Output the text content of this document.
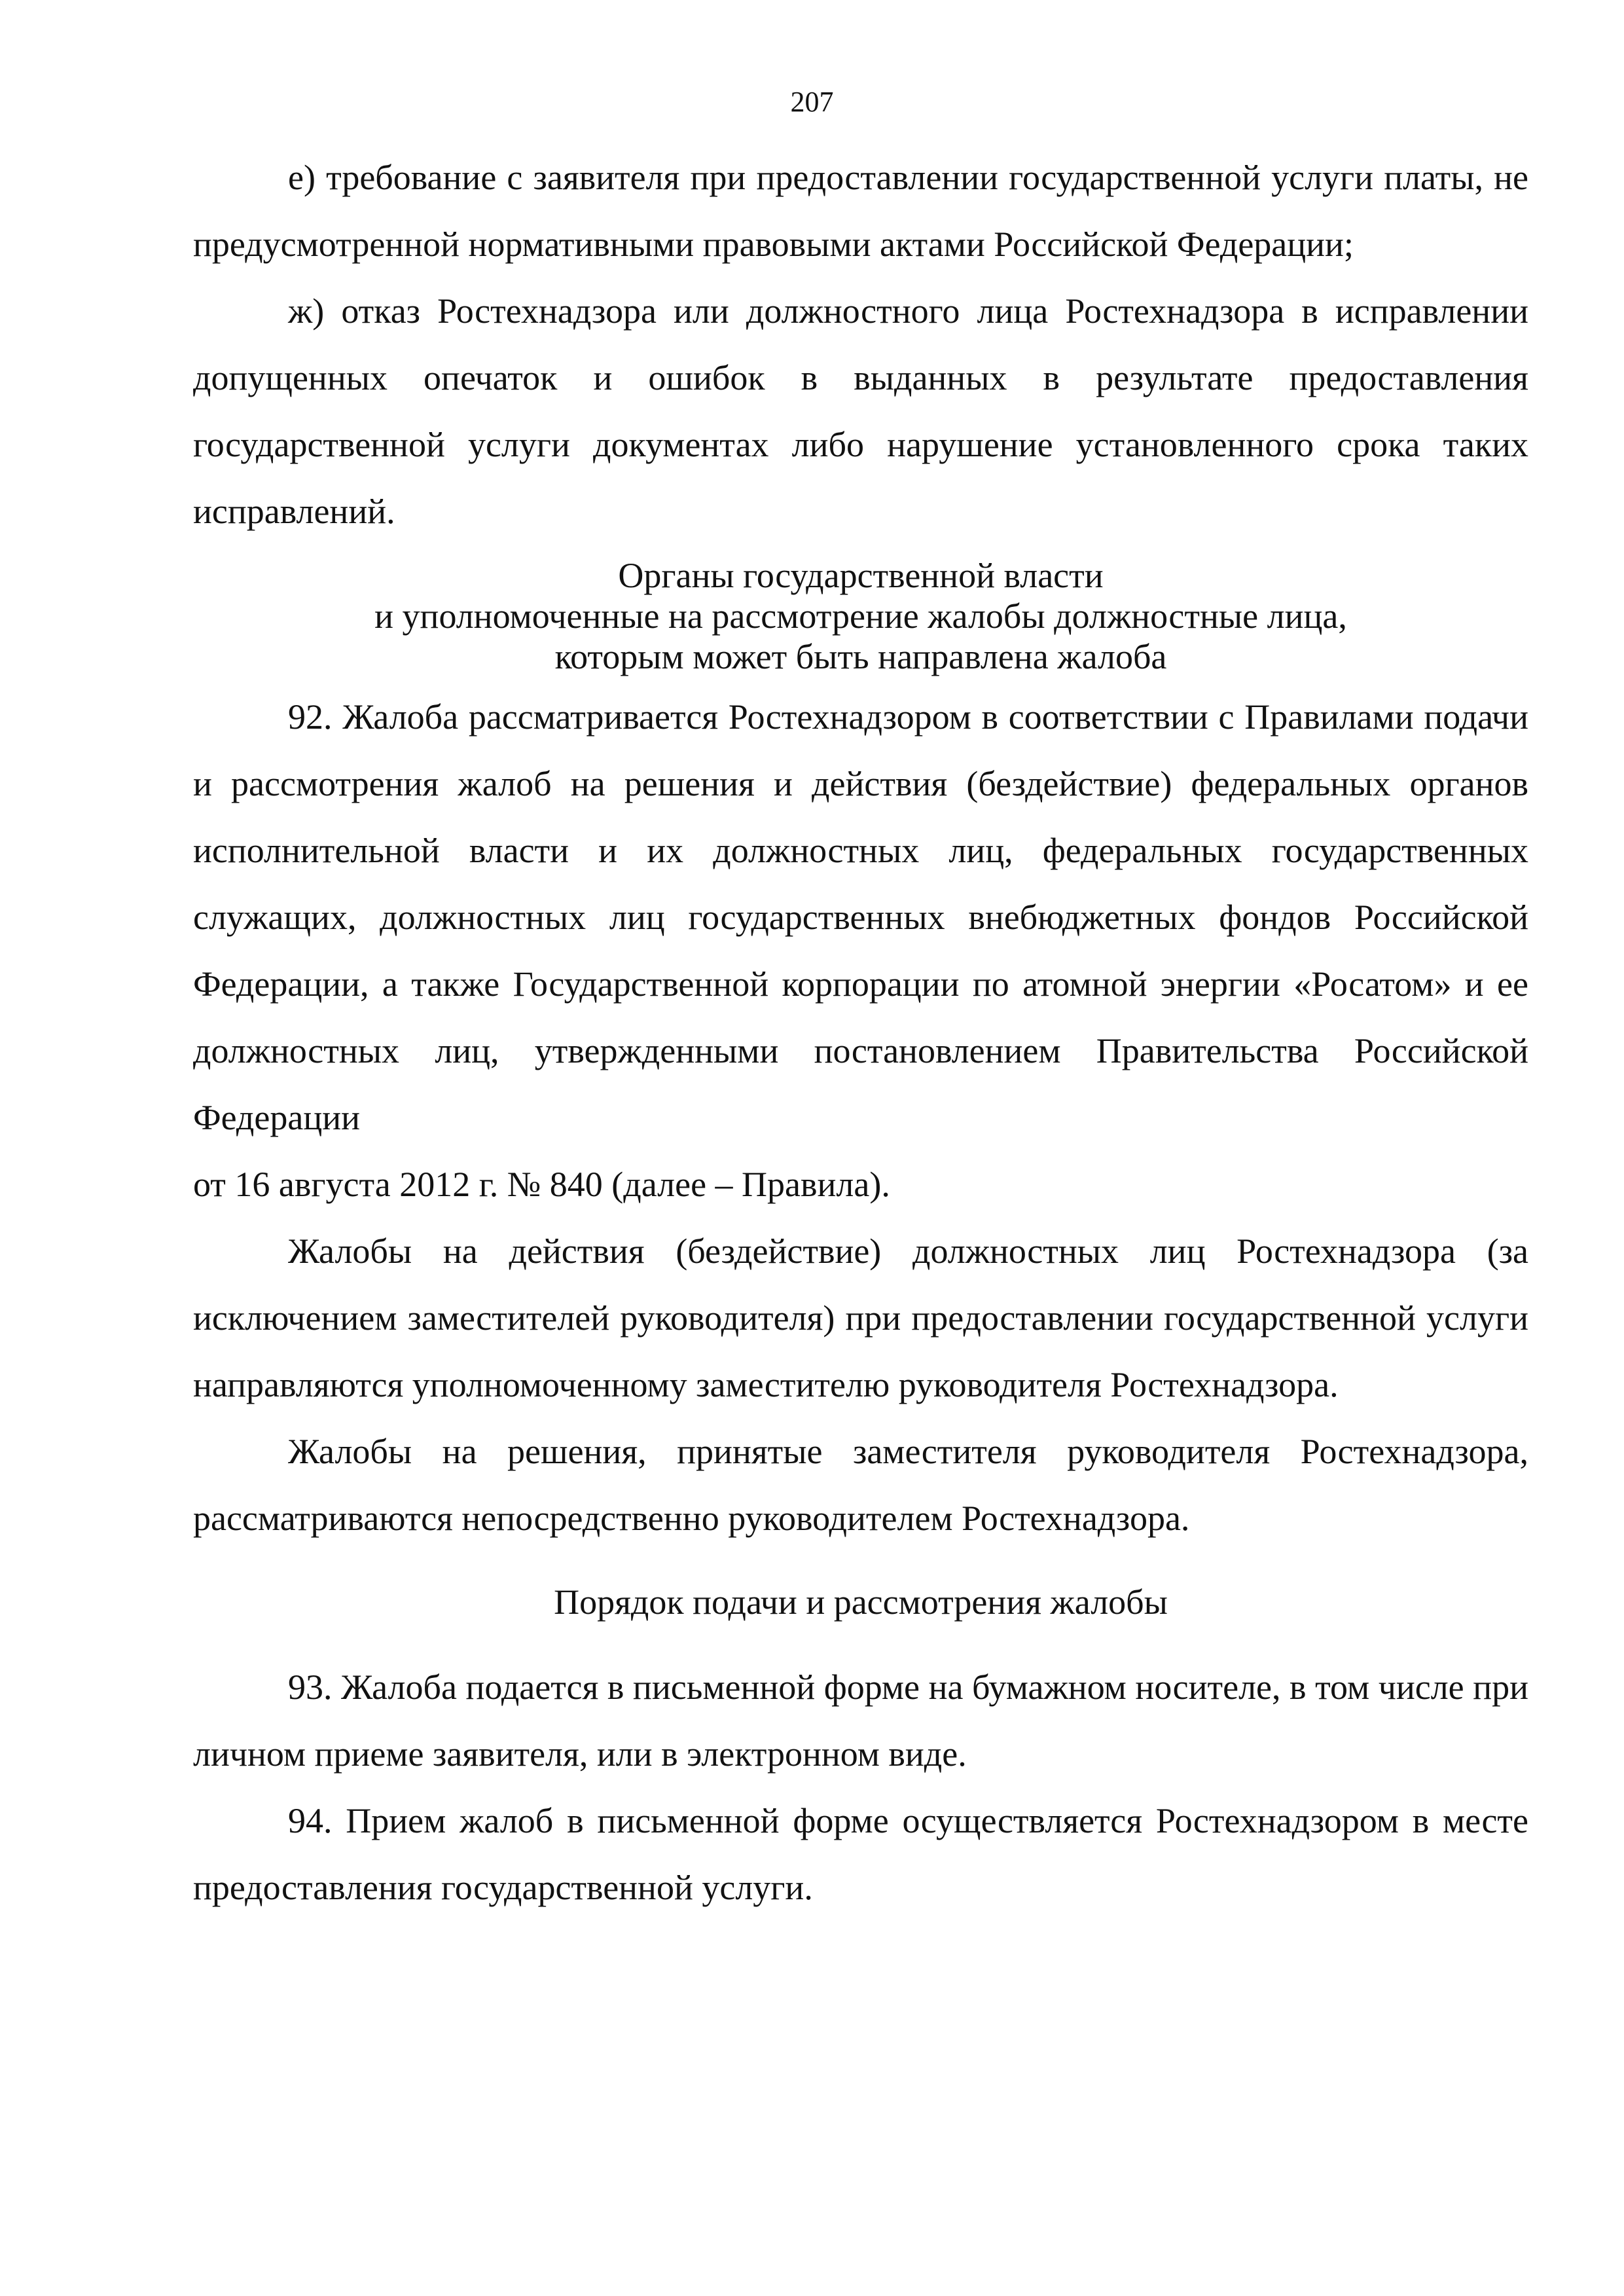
207

е) требование с заявителя при предоставлении государственной услуги платы, не предусмотренной нормативными правовыми актами Российской Федерации;

ж) отказ Ростехнадзора или должностного лица Ростехнадзора в исправлении допущенных опечаток и ошибок в выданных в результате предоставления государственной услуги документах либо нарушение установленного срока таких исправлений.

Органы государственной власти

и уполномоченные на рассмотрение жалобы должностные лица,

которым может быть направлена жалоба

92. Жалоба рассматривается Ростехнадзором в соответствии с Правилами подачи и рассмотрения жалоб на решения и действия (бездействие) федеральных органов исполнительной власти и их должностных лиц, федеральных государственных служащих, должностных лиц государственных внебюджетных фондов Российской Федерации, а также Государственной корпорации по атомной энергии «Росатом» и ее должностных лиц, утвержденными постановлением Правительства Российской Федерации

от 16 августа 2012 г. № 840 (далее – Правила).

Жалобы на действия (бездействие) должностных лиц Ростехнадзора (за исключением заместителей руководителя) при предоставлении государственной услуги направляются уполномоченному заместителю руководителя Ростехнадзора.

Жалобы на решения, принятые заместителя руководителя Ростехнадзора, рассматриваются непосредственно руководителем Ростехнадзора.

Порядок подачи и рассмотрения жалобы

93. Жалоба подается в письменной форме на бумажном носителе, в том числе при личном приеме заявителя, или в электронном виде.

94. Прием жалоб в письменной форме осуществляется Ростехнадзором в месте предоставления государственной услуги.
